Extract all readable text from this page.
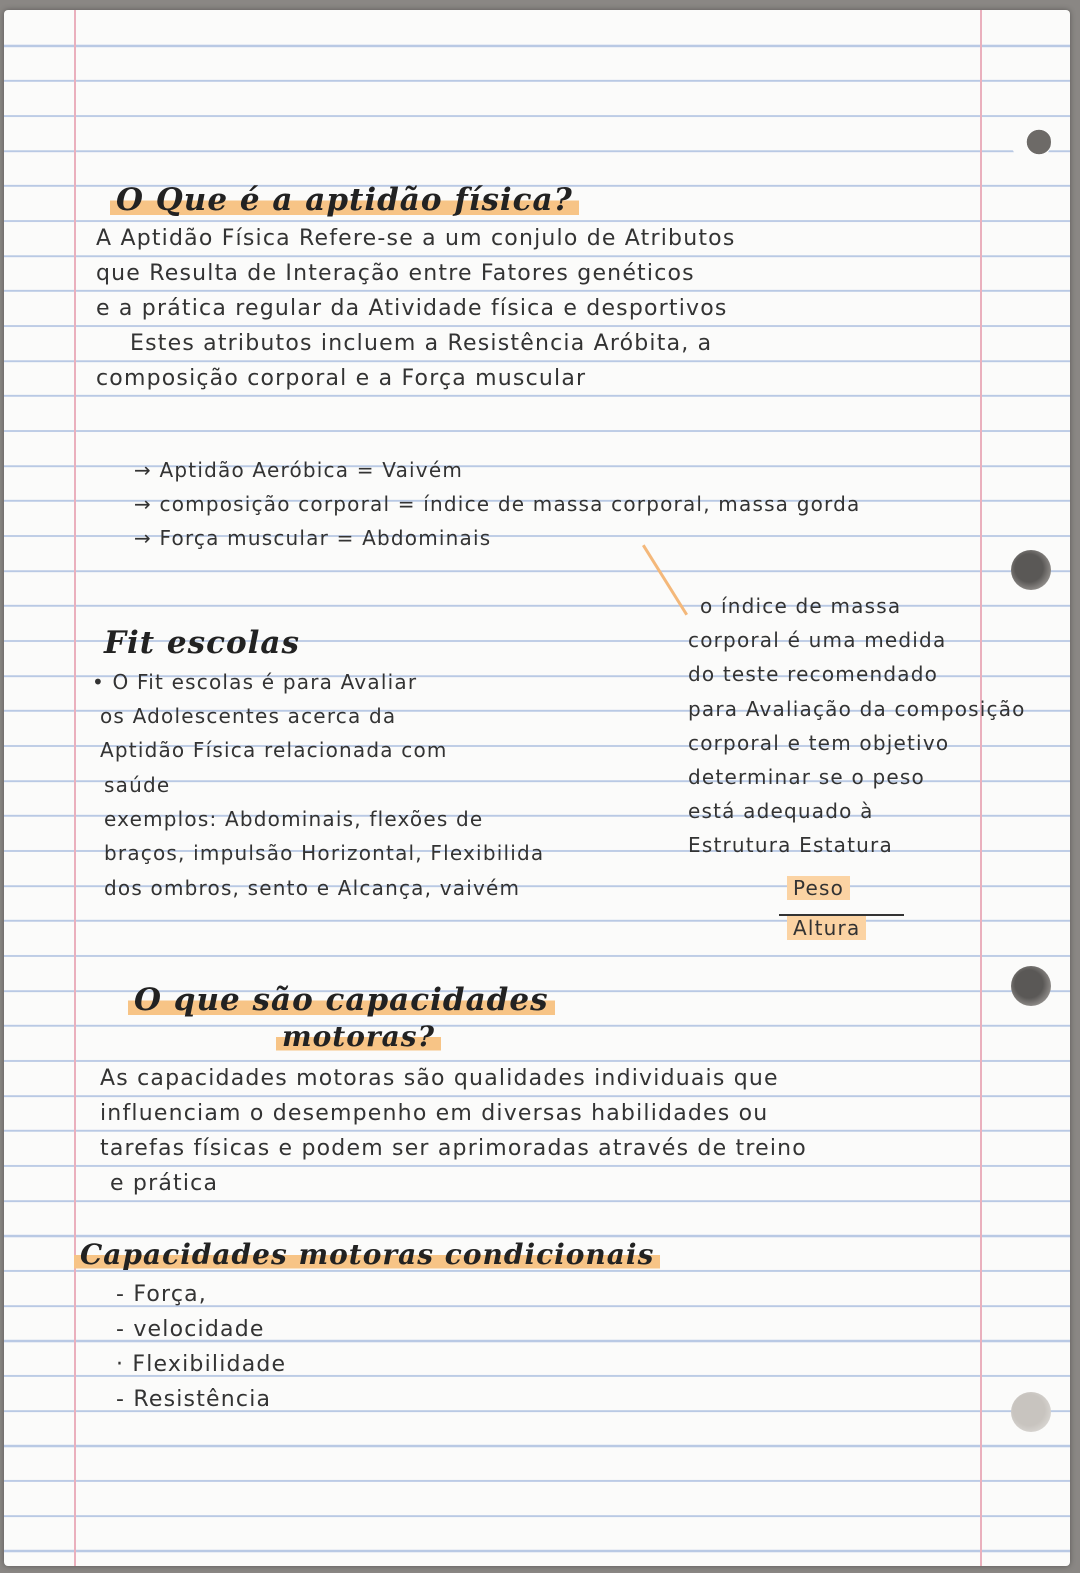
O Que é a aptidão física?
A Aptidão Física Refere-se a um conjulo de Atributos
que Resulta de Interação entre Fatores genéticos
e a prática regular da Atividade física e desportivos
Estes atributos incluem a Resistência Aróbita, a
composição corporal e a Força muscular
→ Aptidão Aeróbica = Vaivém
→ composição corporal = índice de massa corporal, massa gorda
→ Força muscular = Abdominais
Fit escolas
• O Fit escolas é para Avaliar
os Adolescentes acerca da
Aptidão Física relacionada com
saúde
exemplos: Abdominais, flexões de
braços, impulsão Horizontal, Flexibilida
dos ombros, sento e Alcança, vaivém
o índice de massa
corporal é uma medida
do teste recomendado
para Avaliação da composição
corporal e tem objetivo
determinar se o peso
está adequado à
Estrutura Estatura
Peso
Altura
O que são capacidades
motoras?
As capacidades motoras são qualidades individuais que
influenciam o desempenho em diversas habilidades ou
tarefas físicas e podem ser aprimoradas através de treino
e prática
Capacidades motoras condicionais
- Força,
- velocidade
· Flexibilidade
- Resistência
